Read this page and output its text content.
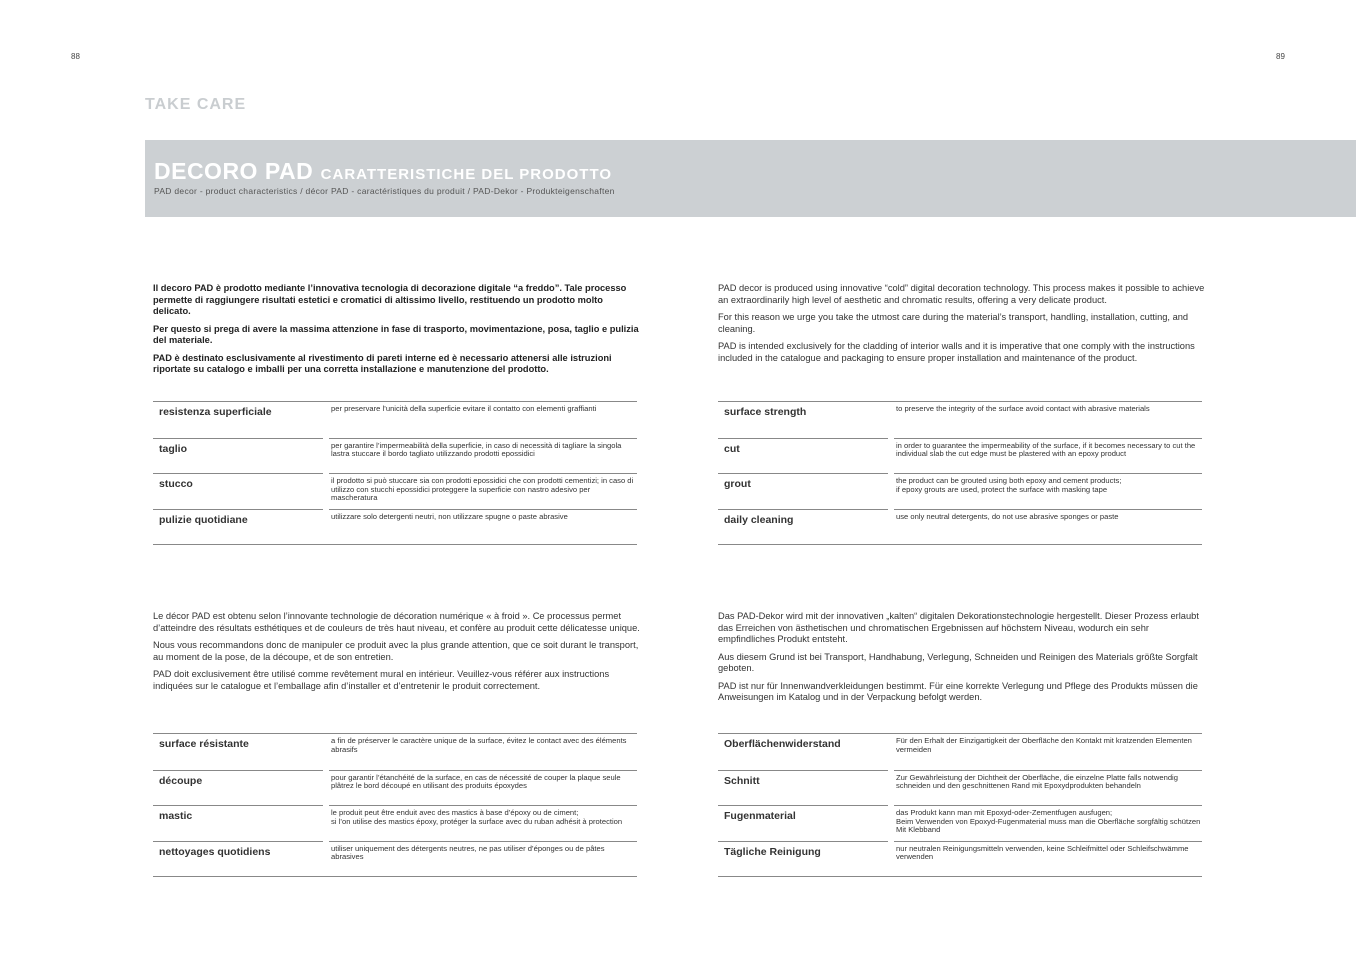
88	89
TAKE CARE
DECORO PAD CARATTERISTICHE DEL PRODOTTO
PAD decor - product characteristics / décor PAD - caractéristiques du produit / PAD-Dekor - Produkteigenschaften

Il decoro PAD è prodotto mediante l’innovativa tecnologia di decorazione digitale “a freddo”. Tale processo permette di raggiungere risultati estetici e cromatici di altissimo livello, restituendo un prodotto molto delicato.

Per questo si prega di avere la massima attenzione in fase di trasporto, movimentazione, posa, taglio e pulizia del materiale.

PAD è destinato esclusivamente al rivestimento di pareti interne ed è necessario attenersi alle istruzioni riportate su catalogo e imballi per una corretta installazione e manutenzione del prodotto.

resistenza superficiale	per preservare l’unicità della superficie evitare il contatto con elementi graffianti
taglio	per garantire l’impermeabilità della superficie, in caso di necessità di tagliare la singola lastra stuccare il bordo tagliato utilizzando prodotti epossidici
stucco	il prodotto si può stuccare sia con prodotti epossidici che con prodotti cementizi; in caso di utilizzo con stucchi epossidici proteggere la superficie con nastro adesivo per mascheratura
pulizie quotidiane	utilizzare solo detergenti neutri, non utilizzare spugne o paste abrasive

PAD decor is produced using innovative “cold” digital decoration technology. This process makes it possible to achieve an extraordinarily high level of aesthetic and chromatic results, offering a very delicate product.

For this reason we urge you take the utmost care during the material’s transport, handling, installation, cutting, and cleaning.

PAD is intended exclusively for the cladding of interior walls and it is imperative that one comply with the instructions included in the catalogue and packaging to ensure proper installation and maintenance of the product.

surface strength	to preserve the integrity of the surface avoid contact with abrasive materials
cut	in order to guarantee the impermeability of the surface, if it becomes necessary to cut the individual slab the cut edge must be plastered with an epoxy product
grout	the product can be grouted using both epoxy and cement products;
if epoxy grouts are used, protect the surface with masking tape
daily cleaning	use only neutral detergents, do not use abrasive sponges or paste

Le décor PAD est obtenu selon l’innovante technologie de décoration numérique « à froid ». Ce processus permet d’atteindre des résultats esthétiques et de couleurs de très haut niveau, et confère au produit cette délicatesse unique.

Nous vous recommandons donc de manipuler ce produit avec la plus grande attention, que ce soit durant le transport, au moment de la pose, de la découpe, et de son entretien.

PAD doit exclusivement être utilisé comme revêtement mural en intérieur. Veuillez-vous référer aux instructions indiquées sur le catalogue et l’emballage afin d’installer et d’entretenir le produit correctement.

surface résistante	a fin de préserver le caractère unique de la surface, évitez le contact avec des éléments abrasifs
découpe	pour garantir l’étanchéité de la surface, en cas de nécessité de couper la plaque seule plâtrez le bord découpé en utilisant des produits époxydes
mastic	le produit peut être enduit avec des mastics à base d’époxy ou de ciment;
si l’on utilise des mastics époxy, protéger la surface avec du ruban adhésit à protection
nettoyages quotidiens	utiliser uniquement des détergents neutres, ne pas utiliser d’éponges ou de pâtes abrasives

Das PAD-Dekor wird mit der innovativen „kalten“ digitalen Dekorationstechnologie hergestellt. Dieser Prozess erlaubt das Erreichen von ästhetischen und chromatischen Ergebnissen auf höchstem Niveau, wodurch ein sehr empfindliches Produkt entsteht.

Aus diesem Grund ist bei Transport, Handhabung, Verlegung, Schneiden und Reinigen des Materials größte Sorgfalt geboten.

PAD ist nur für Innenwandverkleidungen bestimmt. Für eine korrekte Verlegung und Pflege des Produkts müssen die Anweisungen im Katalog und in der Verpackung befolgt werden.

Oberflächenwiderstand	Für den Erhalt der Einzigartigkeit der Oberfläche den Kontakt mit kratzenden Elementen vermeiden
Schnitt	Zur Gewährleistung der Dichtheit der Oberfläche, die einzelne Platte falls notwendig schneiden und den geschnittenen Rand mit Epoxydprodukten behandeln
Fugenmaterial	das Produkt kann man mit Epoxyd-oder-Zementfugen ausfugen;
Beim Verwenden von Epoxyd-Fugenmaterial muss man die Oberfläche sorgfältig schützen Mit Klebband
Tägliche Reinigung	nur neutralen Reinigungsmitteln verwenden, keine Schleifmittel oder Schleifschwämme verwenden
